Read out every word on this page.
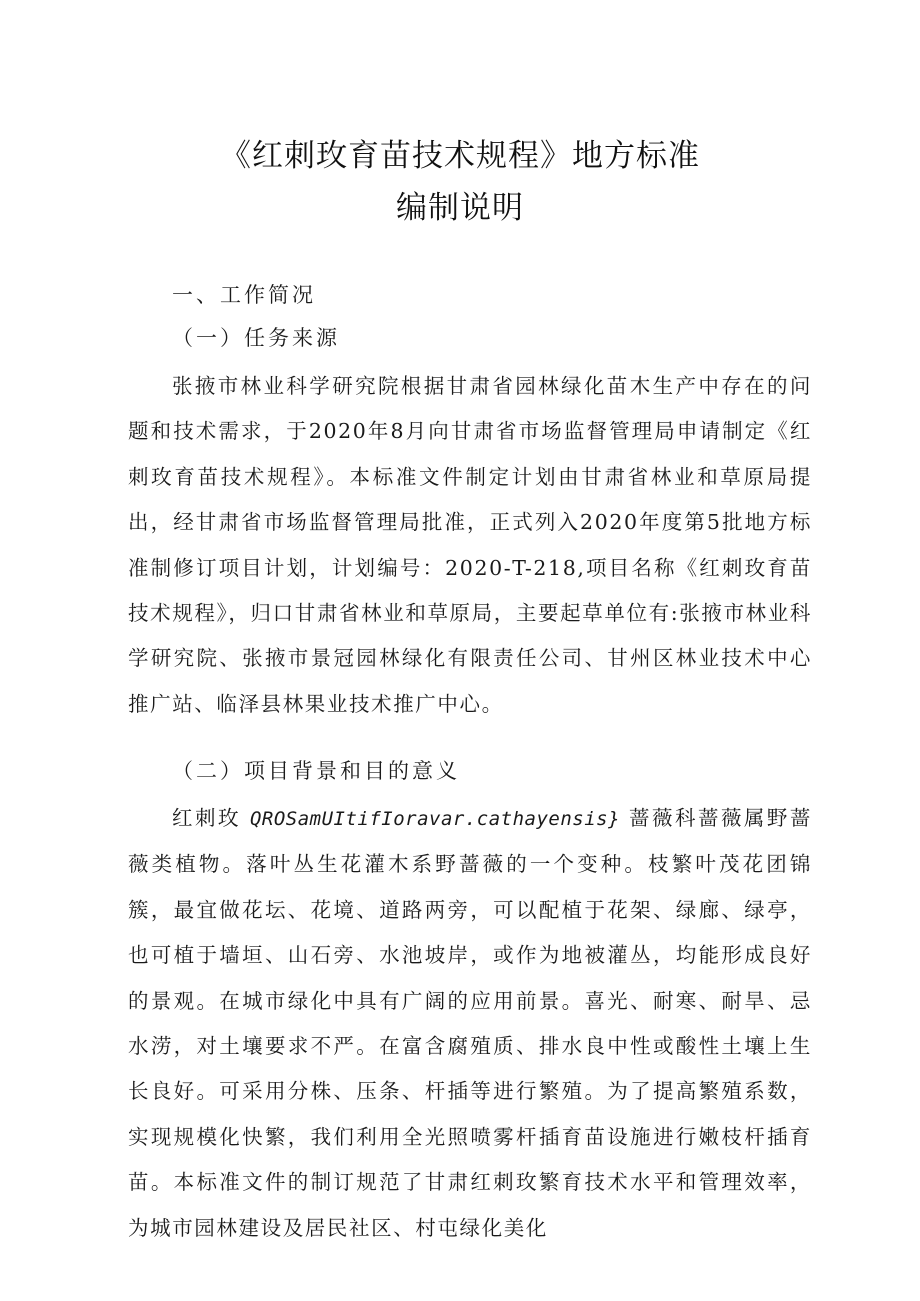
《红刺玫育苗技术规程》地方标准
编制说明
一、工作简况
（一）任务来源
张掖市林业科学研究院根据甘肃省园林绿化苗木生产中存在的问题和技术需求，于2020年8月向甘肃省市场监督管理局申请制定《红刺玫育苗技术规程》。本标准文件制定计划由甘肃省林业和草原局提出，经甘肃省市场监督管理局批准，正式列入2020年度第5批地方标准制修订项目计划，计划编号：2020-T-218,项目名称《红刺玫育苗技术规程》，归口甘肃省林业和草原局，主要起草单位有:张掖市林业科学研究院、张掖市景冠园林绿化有限责任公司、甘州区林业技术中心推广站、临泽县林果业技术推广中心。
（二）项目背景和目的意义
红刺玫 QROSamUItifIoravar.cathayensis} 蔷薇科蔷薇属野蔷薇类植物。落叶丛生花灌木系野蔷薇的一个变种。枝繁叶茂花团锦簇，最宜做花坛、花境、道路两旁，可以配植于花架、绿廊、绿亭，也可植于墙垣、山石旁、水池坡岸，或作为地被灌丛，均能形成良好的景观。在城市绿化中具有广阔的应用前景。喜光、耐寒、耐旱、忌水涝，对土壤要求不严。在富含腐殖质、排水良中性或酸性土壤上生长良好。可采用分株、压条、杆插等进行繁殖。为了提高繁殖系数，实现规模化快繁，我们利用全光照喷雾杆插育苗设施进行嫩枝杆插育苗。本标准文件的制订规范了甘肃红刺玫繁育技术水平和管理效率，为城市园林建设及居民社区、村屯绿化美化
